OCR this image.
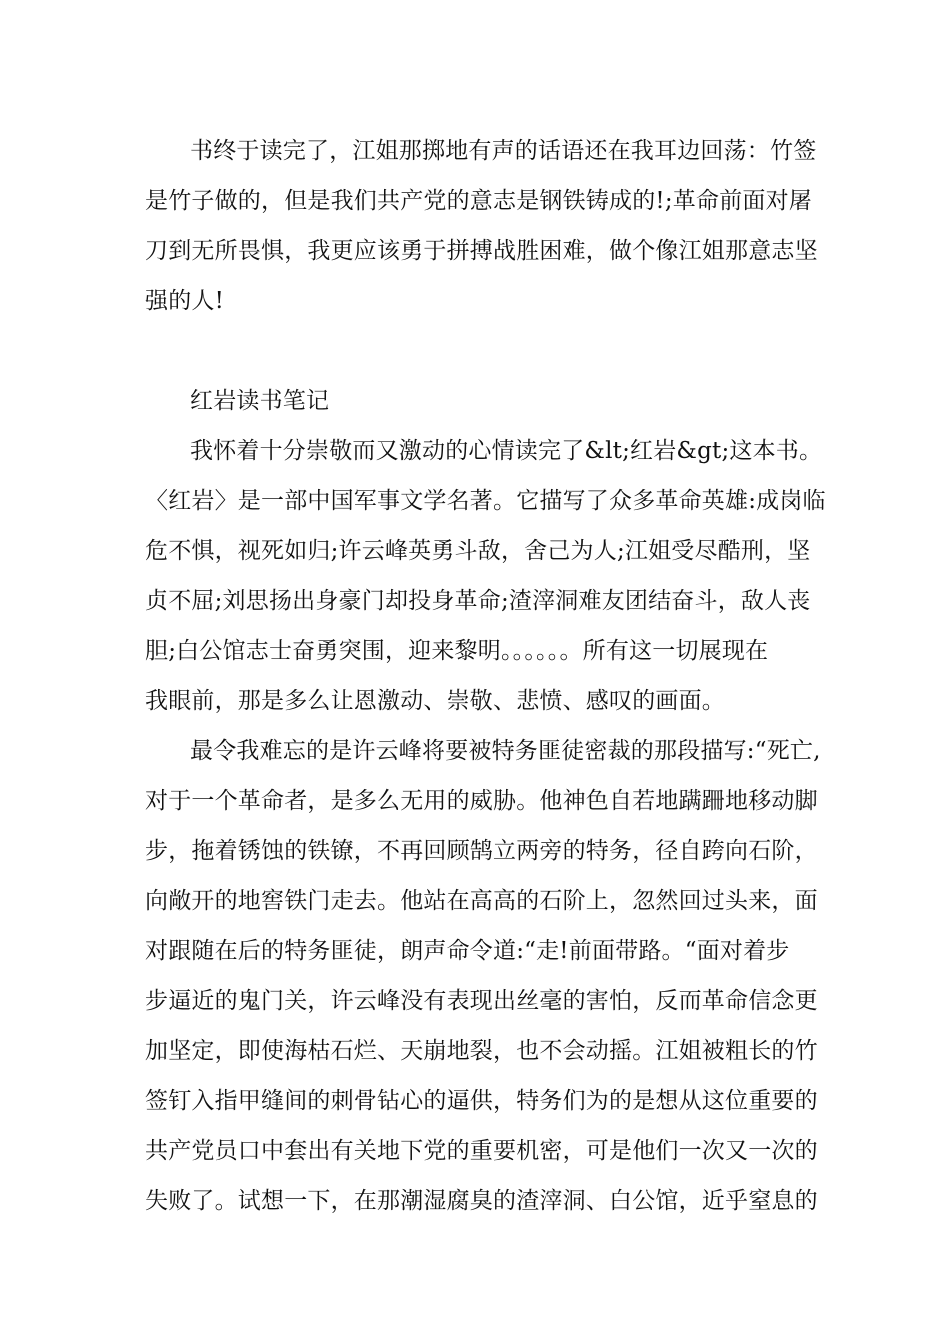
书终于读完了，江姐那掷地有声的话语还在我耳边回荡：竹签
是竹子做的，但是我们共产党的意志是钢铁铸成的!;革命前面对屠
刀到无所畏惧，我更应该勇于拼搏战胜困难，做个像江姐那意志坚
强的人!
红岩读书笔记
我怀着十分崇敬而又激动的心情读完了&lt;红岩&gt;这本书。
〈红岩〉是一部中国军事文学名著。它描写了众多革命英雄:成岗临
危不惧，视死如归;许云峰英勇斗敌，舍己为人;江姐受尽酷刑，坚
贞不屈;刘思扬出身豪门却投身革命;渣滓洞难友团结奋斗，敌人丧
胆;白公馆志士奋勇突围，迎来黎明。。。。。。所有这一切展现在
我眼前，那是多么让恩激动、崇敬、悲愤、感叹的画面。
最令我难忘的是许云峰将要被特务匪徒密裁的那段描写:“死亡,
对于一个革命者，是多么无用的威胁。他神色自若地蹒跚地移动脚
步，拖着锈蚀的铁镣，不再回顾鹄立两旁的特务，径自跨向石阶，
向敞开的地窖铁门走去。他站在高高的石阶上，忽然回过头来，面
对跟随在后的特务匪徒，朗声命令道:“走!前面带路。“面对着步
步逼近的鬼门关，许云峰没有表现出丝毫的害怕，反而革命信念更
加坚定，即使海枯石烂、天崩地裂，也不会动摇。江姐被粗长的竹
签钉入指甲缝间的刺骨钻心的逼供，特务们为的是想从这位重要的
共产党员口中套出有关地下党的重要机密，可是他们一次又一次的
失败了。试想一下，在那潮湿腐臭的渣滓洞、白公馆，近乎窒息的
